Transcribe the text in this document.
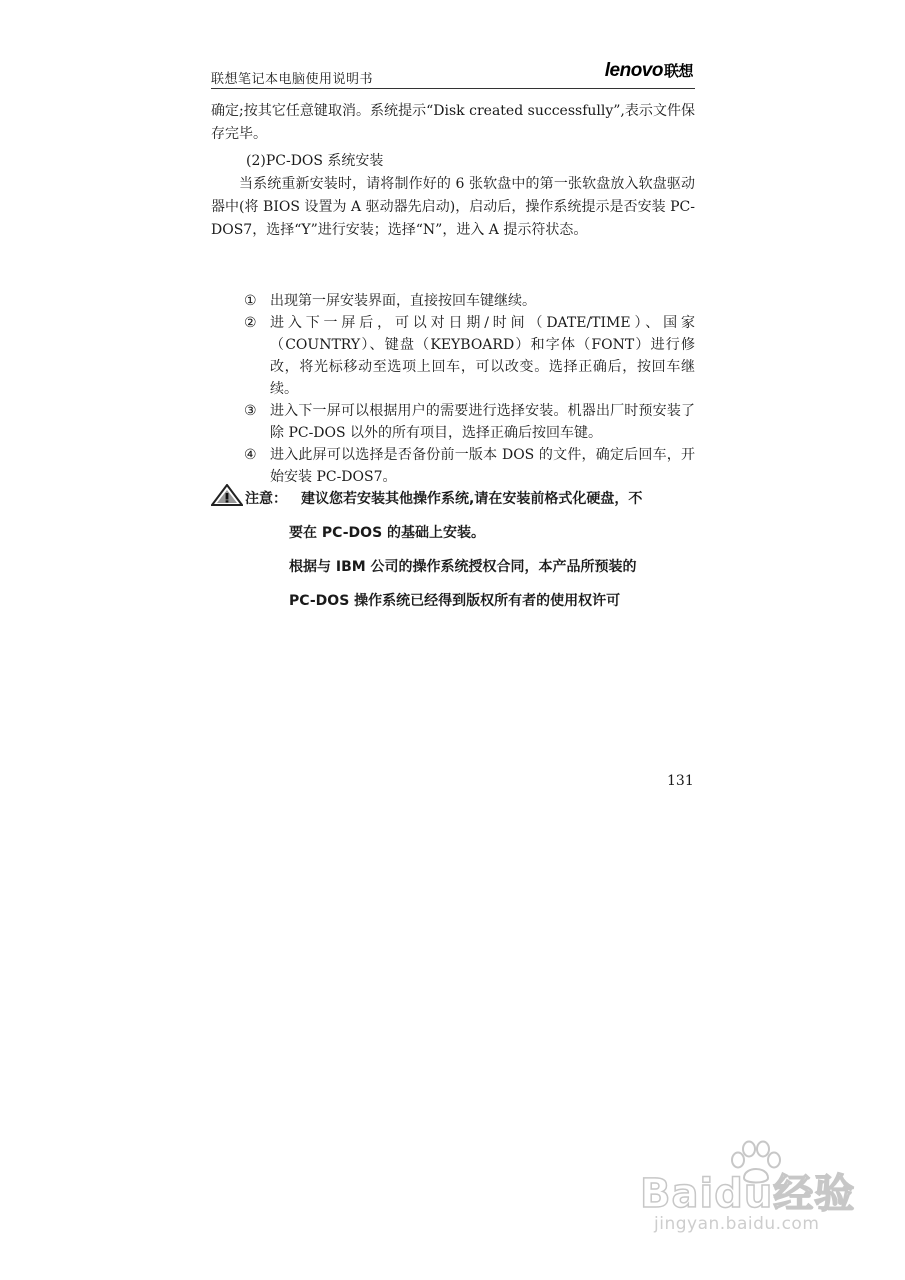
联想笔记本电脑使用说明书	lenovo联想
确定;按其它任意键取消。系统提示“Disk created successfully”,表示文件保存完毕。
(2)PC-DOS 系统安装
当系统重新安装时，请将制作好的 6 张软盘中的第一张软盘放入软盘驱动器中(将 BIOS 设置为 A 驱动器先启动)，启动后，操作系统提示是否安装 PC-DOS7，选择“Y”进行安装；选择“N”，进入 A 提示符状态。
① 出现第一屏安装界面，直接按回车键继续。
② 进入下一屏后，可以对日期/时间（DATE/TIME）、国家（COUNTRY）、键盘（KEYBOARD）和字体（FONT）进行修改，将光标移动至选项上回车，可以改变。选择正确后，按回车继续。
③ 进入下一屏可以根据用户的需要进行选择安装。机器出厂时预安装了除 PC-DOS 以外的所有项目，选择正确后按回车键。
④ 进入此屏可以选择是否备份前一版本 DOS 的文件，确定后回车，开始安装 PC-DOS7。
注意： 建议您若安装其他操作系统,请在安装前格式化硬盘，不
要在 PC-DOS 的基础上安装。
根据与 IBM 公司的操作系统授权合同，本产品所预装的
PC-DOS 操作系统已经得到版权所有者的使用权许可
131
Baidu经验
jingyan.baidu.com
